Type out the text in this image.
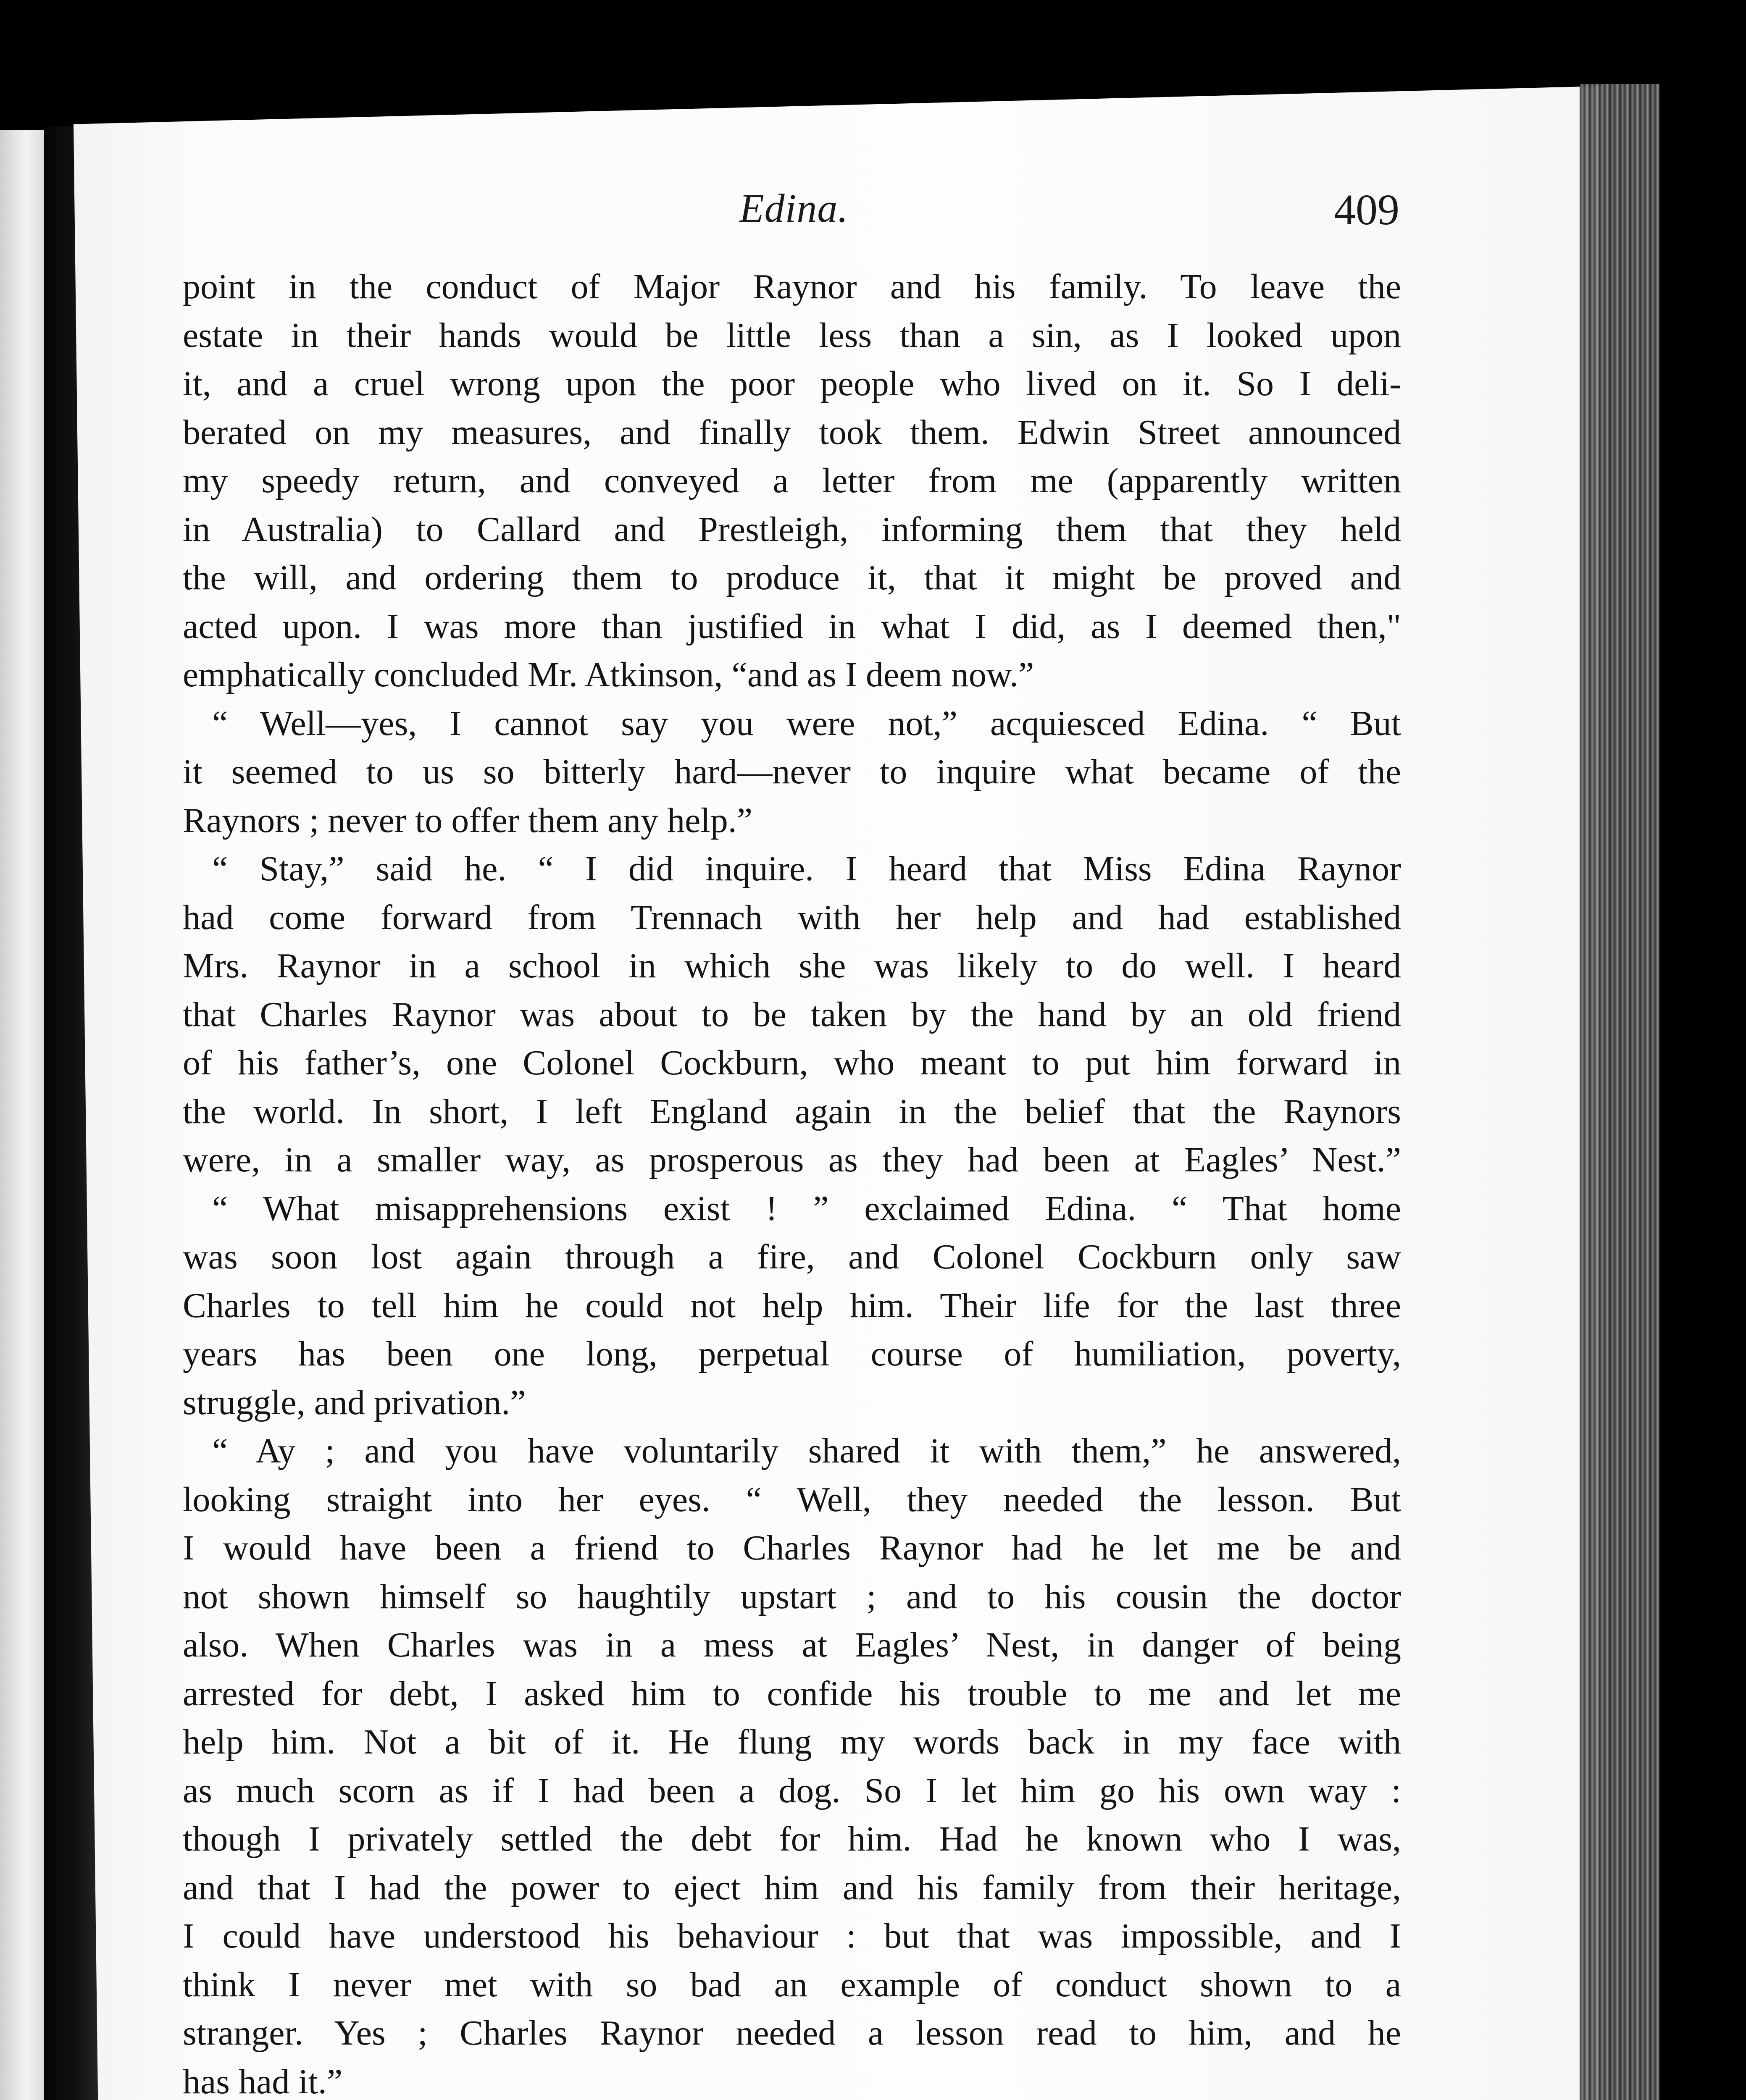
Edina.	409
point in the conduct of Major Raynor and his family. To leave the
estate in their hands would be little less than a sin, as I looked upon
it, and a cruel wrong upon the poor people who lived on it. So I deli-
berated on my measures, and finally took them. Edwin Street announced
my speedy return, and conveyed a letter from me (apparently written
in Australia) to Callard and Prestleigh, informing them that they held
the will, and ordering them to produce it, that it might be proved and
acted upon. I was more than justified in what I did, as I deemed then,"
emphatically concluded Mr. Atkinson, “and as I deem now.”
“ Well—yes, I cannot say you were not,” acquiesced Edina. “ But
it seemed to us so bitterly hard—never to inquire what became of the
Raynors ; never to offer them any help.”
“ Stay,” said he. “ I did inquire. I heard that Miss Edina Raynor
had come forward from Trennach with her help and had established
Mrs. Raynor in a school in which she was likely to do well. I heard
that Charles Raynor was about to be taken by the hand by an old friend
of his father’s, one Colonel Cockburn, who meant to put him forward in
the world. In short, I left England again in the belief that the Raynors
were, in a smaller way, as prosperous as they had been at Eagles’ Nest.”
“ What misapprehensions exist ! ” exclaimed Edina. “ That home
was soon lost again through a fire, and Colonel Cockburn only saw
Charles to tell him he could not help him. Their life for the last three
years has been one long, perpetual course of humiliation, poverty,
struggle, and privation.”
“ Ay ; and you have voluntarily shared it with them,” he answered,
looking straight into her eyes. “ Well, they needed the lesson. But
I would have been a friend to Charles Raynor had he let me be and
not shown himself so haughtily upstart ; and to his cousin the doctor
also. When Charles was in a mess at Eagles’ Nest, in danger of being
arrested for debt, I asked him to confide his trouble to me and let me
help him. Not a bit of it. He flung my words back in my face with
as much scorn as if I had been a dog. So I let him go his own way :
though I privately settled the debt for him. Had he known who I was,
and that I had the power to eject him and his family from their heritage,
I could have understood his behaviour : but that was impossible, and I
think I never met with so bad an example of conduct shown to a
stranger. Yes ; Charles Raynor needed a lesson read to him, and he
has had it.”
